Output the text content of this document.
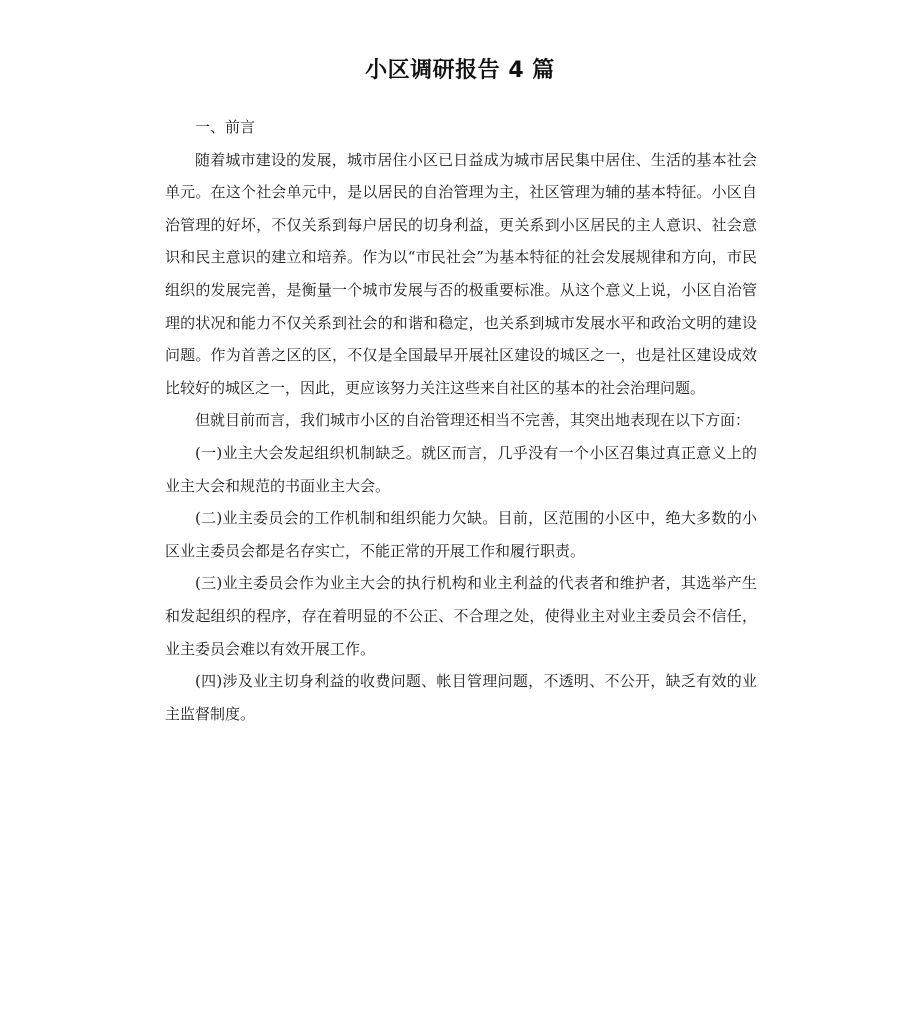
小区调研报告 4 篇

一、前言

随着城市建设的发展，城市居住小区已日益成为城市居民集中居住、生活的基本社会单元。在这个社会单元中，是以居民的自治管理为主，社区管理为辅的基本特征。小区自治管理的好坏，不仅关系到每户居民的切身利益，更关系到小区居民的主人意识、社会意识和民主意识的建立和培养。作为以“市民社会”为基本特征的社会发展规律和方向，市民组织的发展完善，是衡量一个城市发展与否的极重要标准。从这个意义上说，小区自治管理的状况和能力不仅关系到社会的和谐和稳定，也关系到城市发展水平和政治文明的建设问题。作为首善之区的区，不仅是全国最早开展社区建设的城区之一，也是社区建设成效比较好的城区之一，因此，更应该努力关注这些来自社区的基本的社会治理问题。

但就目前而言，我们城市小区的自治管理还相当不完善，其突出地表现在以下方面：

(一)业主大会发起组织机制缺乏。就区而言，几乎没有一个小区召集过真正意义上的业主大会和规范的书面业主大会。

(二)业主委员会的工作机制和组织能力欠缺。目前，区范围的小区中，绝大多数的小区业主委员会都是名存实亡，不能正常的开展工作和履行职责。

(三)业主委员会作为业主大会的执行机构和业主利益的代表者和维护者，其选举产生和发起组织的程序，存在着明显的不公正、不合理之处，使得业主对业主委员会不信任，业主委员会难以有效开展工作。

(四)涉及业主切身利益的收费问题、帐目管理问题，不透明、不公开，缺乏有效的业主监督制度。
